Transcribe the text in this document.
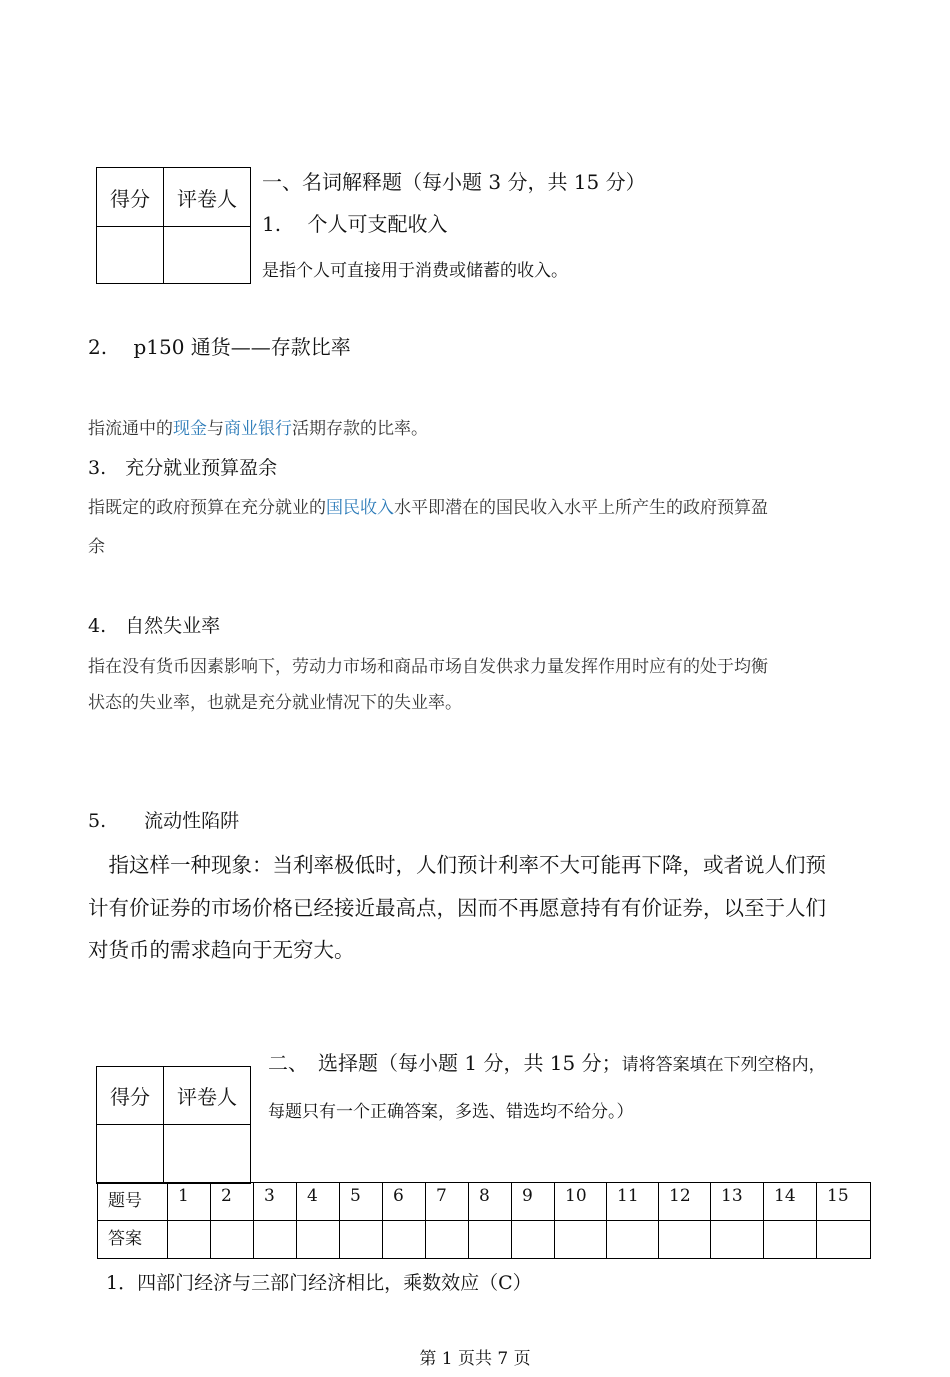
得分	评卷人

一、名词解释题（每小题 3 分，共 15 分）
1.　 个人可支配收入
是指个人可直接用于消费或储蓄的收入。
2.　 p150 通货——存款比率
指流通中的现金与商业银行活期存款的比率。
3.　充分就业预算盈余
指既定的政府预算在充分就业的国民收入水平即潜在的国民收入水平上所产生的政府预算盈
余
4.　自然失业率
指在没有货币因素影响下，劳动力市场和商品市场自发供求力量发挥作用时应有的处于均衡
状态的失业率，也就是充分就业情况下的失业率。
5.　　流动性陷阱
　指这样一种现象：当利率极低时，人们预计利率不大可能再下降，或者说人们预
计有价证券的市场价格已经接近最高点，因而不再愿意持有有价证券，以至于人们
对货币的需求趋向于无穷大。
得分	评卷人

二、　选择题（每小题 1 分，共 15 分；请将答案填在下列空格内，
每题只有一个正确答案，多选、错选均不给分。）
题号	1	2	3	4	5	6	7	8	9	10	11	12	13	14	15
答案															
1．四部门经济与三部门经济相比，乘数效应（C）
第 1 页共 7 页
